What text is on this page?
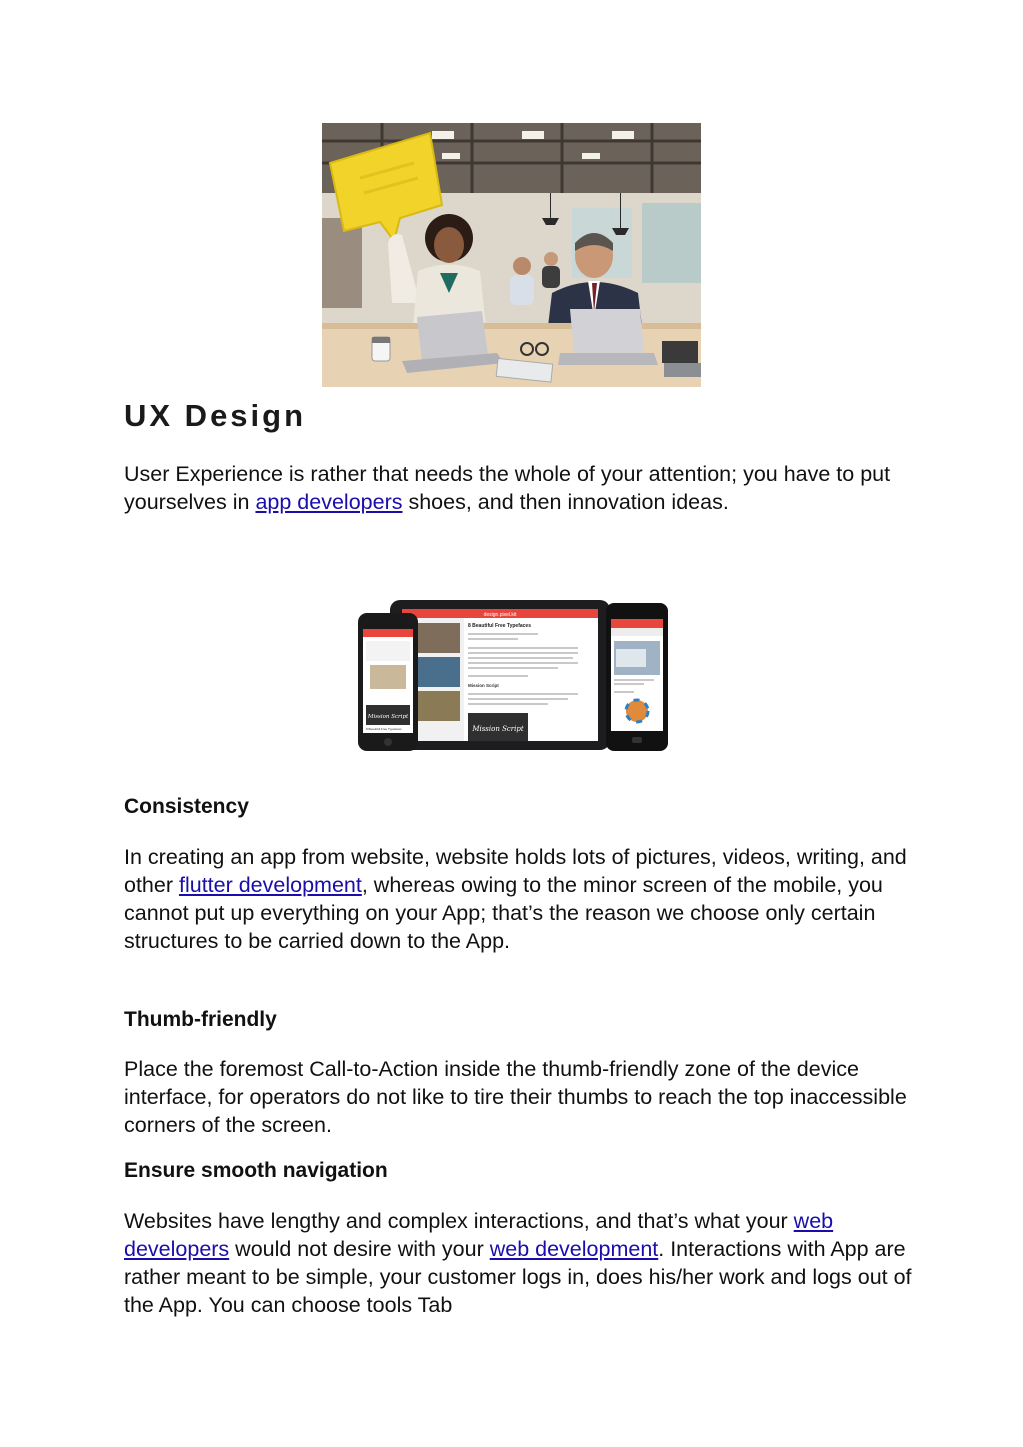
UX Design

User Experience is rather that needs the whole of your attention; you have to put yourselves in app developers shoes, and then innovation ideas.

design.pixel.kit
8 Beautiful Free Typefaces
Mission Script
Mission Script
Mission Script
8 Beautiful Free Typefaces
Consistency

In creating an app from website, website holds lots of pictures, videos, writing, and other flutter development, whereas owing to the minor screen of the mobile, you cannot put up everything on your App; that’s the reason we choose only certain structures to be carried down to the App.

Thumb-friendly

Place the foremost Call-to-Action inside the thumb-friendly zone of the device interface, for operators do not like to tire their thumbs to reach the top inaccessible corners of the screen.

Ensure smooth navigation

Websites have lengthy and complex interactions, and that’s what your web developers would not desire with your web development. Interactions with App are rather meant to be simple, your customer logs in, does his/her work and logs out of the App. You can choose tools Tab
